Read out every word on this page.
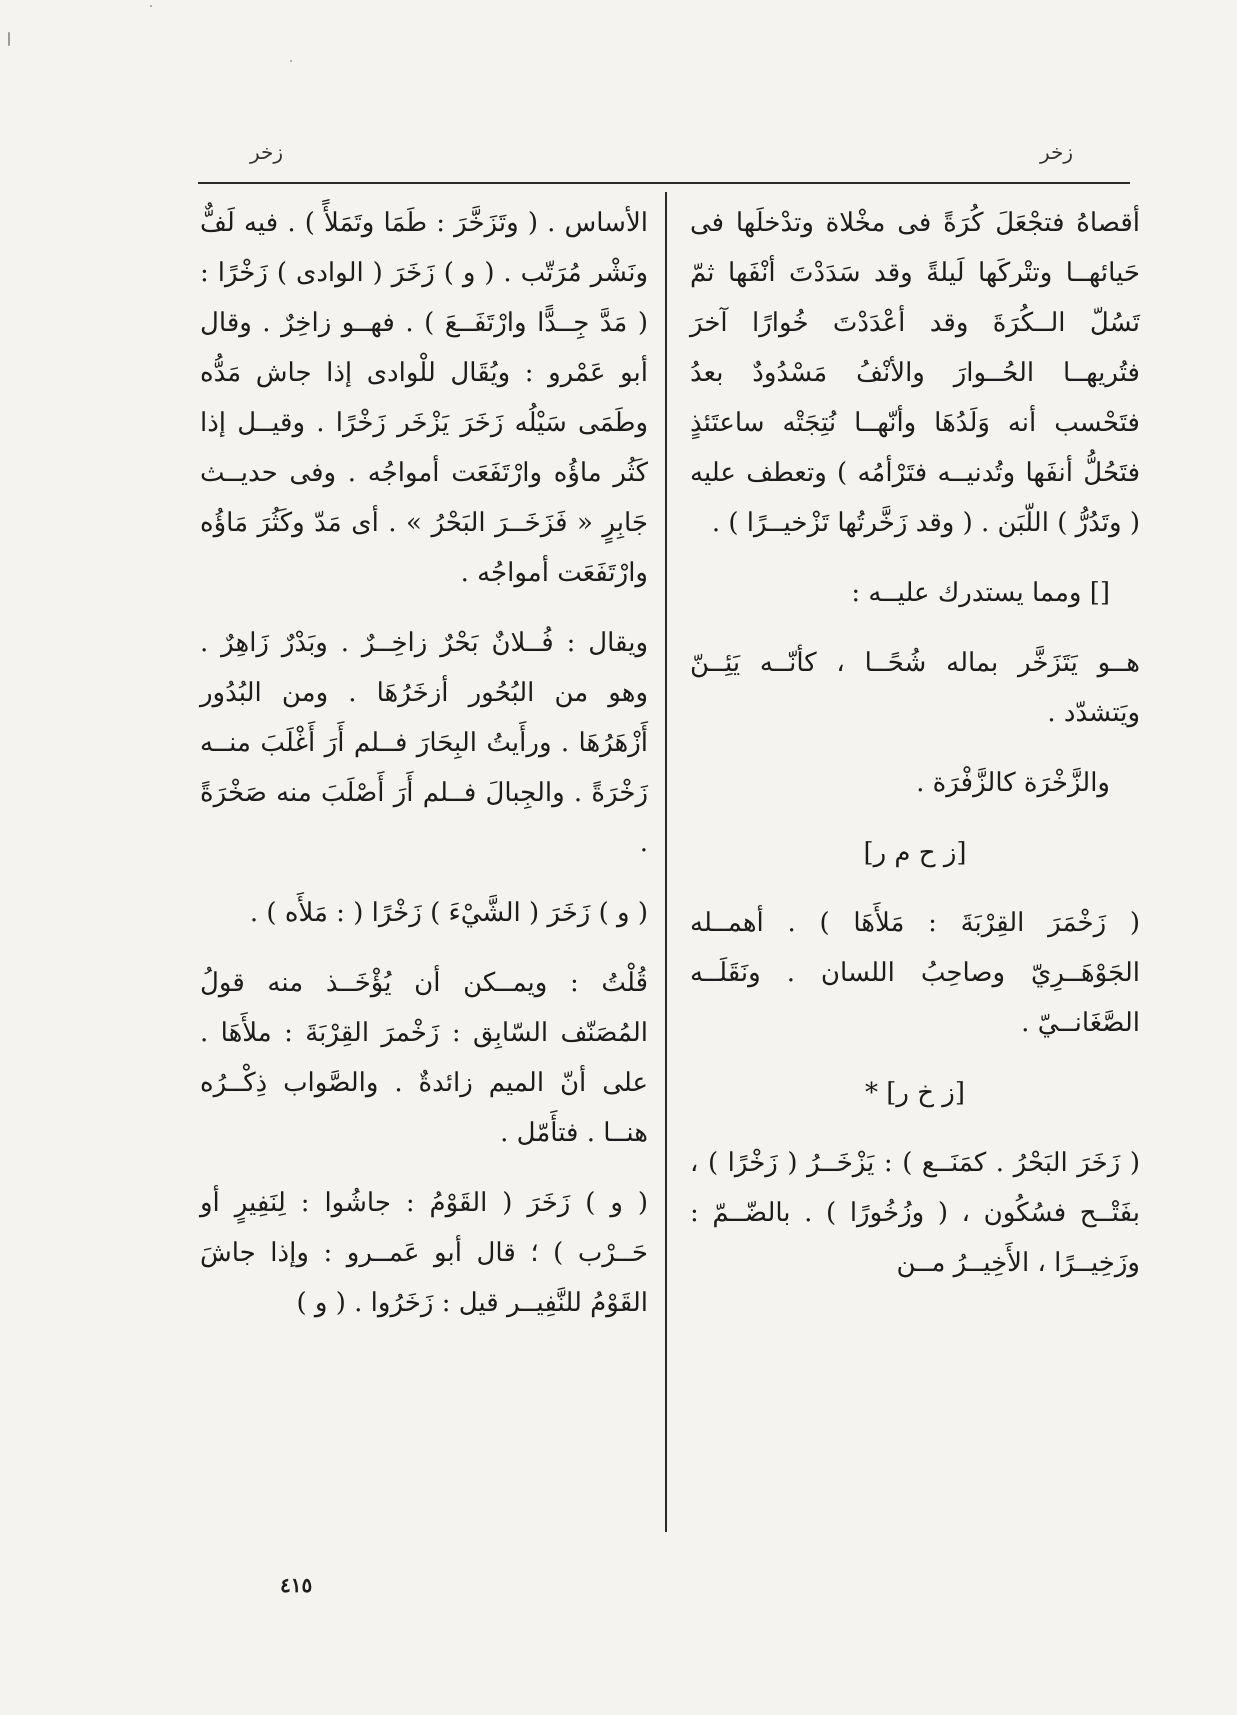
زخر	زخر

أقصاهُ فتجْعَلَ كُرَةً فى مخْلاة وتدْخلَها فى حَيائهــا وتتْركَها لَيلةً وقد سَدَدْتَ أنْفَها ثمّ تَسُلّ الــكُرَةَ وقد أعْدَدْتَ خُوارًا آخرَ فتُريهــا الحُــوارَ والأنْفُ مَسْدُودٌ بعدُ فتَحْسب أنه وَلَدُهَا وأنّهــا نُتِجَتْه ساعتَئذٍ فتَحُلُّ أنفَها وتُدنيــه فتَرْأمُه ) وتعطف عليه ( وتَدُرُّ ) اللّبَن . ( وقد زَخَّرتُها تَزْخيــرًا ) .

[] ومما يستدرك عليــه :

هــو يَتَزَخَّر بماله شُحًــا ، كأنّــه يَئِــنّ ويَتشدّد .

والزَّخْرَة كالزَّفْرَة .

[ز ح م ر]

( زَخْمَرَ القِرْبَةَ : مَلأَهَا ) . أهمــله الجَوْهَــرِيّ وصاحِبُ اللسان . ونَقَلَــه الصَّغَانــيّ .

[ز خ ر] *

( زَخَرَ البَحْرُ . كمَنَــع ) : يَزْخَــرُ ( زَخْرًا ) ، بفَتْــح فسُكُون ، ( وزُخُورًا ) . بالضّــمّ : وزَخِيــرًا ، الأَخِيــرُ مــن

الأساس . ( وتَزَخَّرَ : طَمَا وتَمَلأً ) . فيه لَفٌّ ونَشْر مُرَتّب . ( و ) زَخَرَ ( الوادى ) زَخْرًا : ( مَدَّ جِــدًّا وارْتَفَــعَ ) . فهــو زاخِرٌ . وقال أبو عَمْرو : ويُقَال للْوادى إذا جاش مَدُّه وطَمَى سَيْلُه زَخَرَ يَزْخَر زَخْرًا . وقيــل إذا كَثُر ماؤُه وارْتَفَعَت أمواجُه . وفى حديــث جَابِرٍ « فَزَخَــرَ البَحْرُ » . أى مَدّ وكَثُرَ مَاؤُه وارْتَفَعَت أمواجُه .

ويقال : فُــلانٌ بَحْرٌ زاخِــرٌ . وبَدْرٌ زَاهِرٌ . وهو من البُحُور أزخَرُهَا . ومن البُدُور أَزْهَرُهَا . ورأَيتُ البِحَارَ فــلم أَرَ أَغْلَبَ منــه زَخْرَةً . والجِبالَ فــلم أَرَ أَصْلَبَ منه صَخْرَةً .

( و ) زَخَرَ ( الشَّيْءَ ) زَخْرًا ( : مَلأَه ) .

قُلْتُ : ويمــكن أن يُؤْخَــذ منه قولُ المُصَنّف السّابِق : زَخْمرَ القِرْبَةَ : ملأَهَا . على أنّ الميم زائدةٌ . والصَّواب ذِكْــرُه هنــا . فتأَمّل .

( و ) زَخَرَ ( القَوْمُ : جاشُوا : لِنَفِيرٍ أو حَــرْب ) ؛ قال أبو عَمــرو : وإذا جاشَ القَوْمُ للنَّفِيــر قيل : زَخَرُوا . ( و )

٤١٥
